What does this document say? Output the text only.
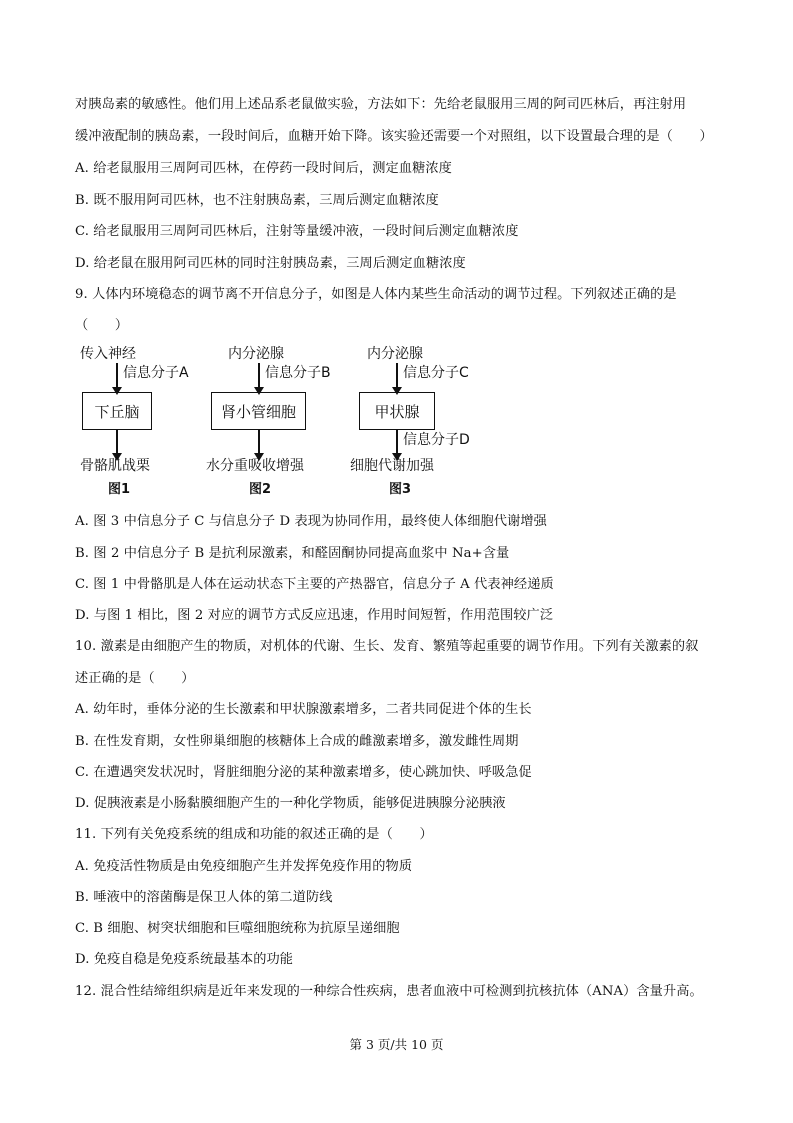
对胰岛素的敏感性。他们用上述品系老鼠做实验，方法如下：先给老鼠服用三周的阿司匹林后，再注射用
缓冲液配制的胰岛素，一段时间后，血糖开始下降。该实验还需要一个对照组，以下设置最合理的是（　　）
A. 给老鼠服用三周阿司匹林，在停药一段时间后，测定血糖浓度
B. 既不服用阿司匹林，也不注射胰岛素，三周后测定血糖浓度
C. 给老鼠服用三周阿司匹林后，注射等量缓冲液，一段时间后测定血糖浓度
D. 给老鼠在服用阿司匹林的同时注射胰岛素，三周后测定血糖浓度
9. 人体内环境稳态的调节离不开信息分子，如图是人体内某些生命活动的调节过程。下列叙述正确的是
（　　）
传入神经
信息分子A
下丘脑
骨骼肌战栗
图1
内分泌腺
信息分子B
肾小管细胞
水分重吸收增强
图2
内分泌腺
信息分子C
甲状腺
信息分子D
细胞代谢加强
图3
A. 图 3 中信息分子 C 与信息分子 D 表现为协同作用，最终使人体细胞代谢增强
B. 图 2 中信息分子 B 是抗利尿激素，和醛固酮协同提高血浆中 Na+含量
C. 图 1 中骨骼肌是人体在运动状态下主要的产热器官，信息分子 A 代表神经递质
D. 与图 1 相比，图 2 对应的调节方式反应迅速，作用时间短暂，作用范围较广泛
10. 激素是由细胞产生的物质，对机体的代谢、生长、发育、繁殖等起重要的调节作用。下列有关激素的叙
述正确的是（　　）
A. 幼年时，垂体分泌的生长激素和甲状腺激素增多，二者共同促进个体的生长
B. 在性发育期，女性卵巢细胞的核糖体上合成的雌激素增多，激发雌性周期
C. 在遭遇突发状况时，肾脏细胞分泌的某种激素增多，使心跳加快、呼吸急促
D. 促胰液素是小肠黏膜细胞产生的一种化学物质，能够促进胰腺分泌胰液
11. 下列有关免疫系统的组成和功能的叙述正确的是（　　）
A. 免疫活性物质是由免疫细胞产生并发挥免疫作用的物质
B. 唾液中的溶菌酶是保卫人体的第二道防线
C. B 细胞、树突状细胞和巨噬细胞统称为抗原呈递细胞
D. 免疫自稳是免疫系统最基本的功能
12. 混合性结缔组织病是近年来发现的一种综合性疾病，患者血液中可检测到抗核抗体（ANA）含量升高。
第 3 页/共 10 页
